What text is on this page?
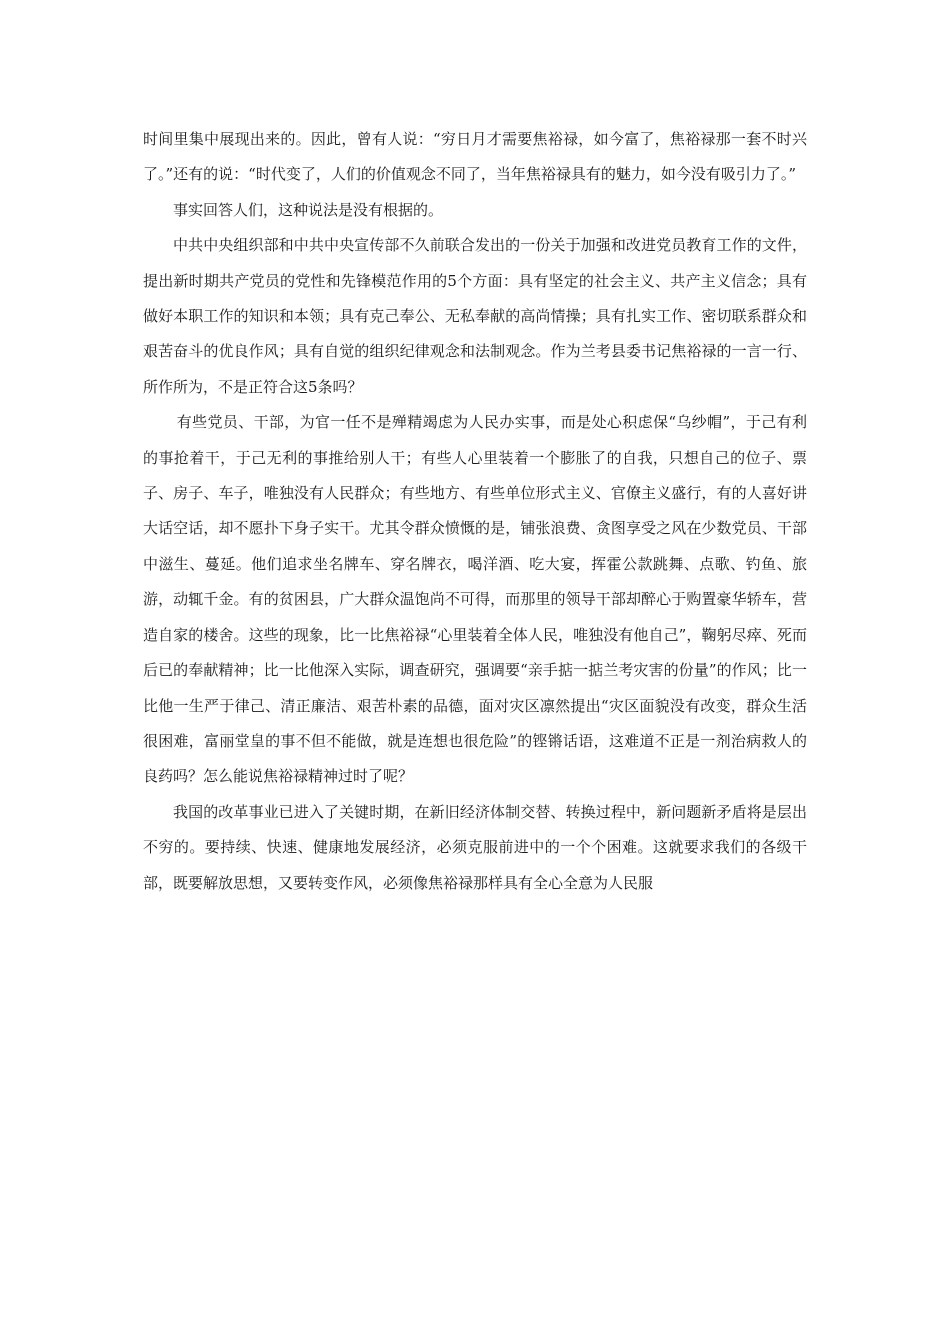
时间里集中展现出来的。因此，曾有人说：“穷日月才需要焦裕禄，如今富了，焦裕禄那一套不时兴了。”还有的说：“时代变了，人们的价值观念不同了，当年焦裕禄具有的魅力，如今没有吸引力了。”

事实回答人们，这种说法是没有根据的。

中共中央组织部和中共中央宣传部不久前联合发出的一份关于加强和改进党员教育工作的文件，提出新时期共产党员的党性和先锋模范作用的5个方面：具有坚定的社会主义、共产主义信念；具有做好本职工作的知识和本领；具有克己奉公、无私奉献的高尚情操；具有扎实工作、密切联系群众和艰苦奋斗的优良作风；具有自觉的组织纪律观念和法制观念。作为兰考县委书记焦裕禄的一言一行、所作所为，不是正符合这5条吗？

有些党员、干部，为官一任不是殚精竭虑为人民办实事，而是处心积虑保“乌纱帽”，于己有利的事抢着干，于己无利的事推给别人干；有些人心里装着一个膨胀了的自我，只想自己的位子、票子、房子、车子，唯独没有人民群众；有些地方、有些单位形式主义、官僚主义盛行，有的人喜好讲大话空话，却不愿扑下身子实干。尤其令群众愤慨的是，铺张浪费、贪图享受之风在少数党员、干部中滋生、蔓延。他们追求坐名牌车、穿名牌衣，喝洋酒、吃大宴，挥霍公款跳舞、点歌、钓鱼、旅游，动辄千金。有的贫困县，广大群众温饱尚不可得，而那里的领导干部却醉心于购置豪华轿车，营造自家的楼舍。这些的现象，比一比焦裕禄“心里装着全体人民，唯独没有他自己”，鞠躬尽瘁、死而后已的奉献精神；比一比他深入实际，调查研究，强调要“亲手掂一掂兰考灾害的份量”的作风；比一比他一生严于律己、清正廉洁、艰苦朴素的品德，面对灾区凛然提出“灾区面貌没有改变，群众生活很困难，富丽堂皇的事不但不能做，就是连想也很危险”的铿锵话语，这难道不正是一剂治病救人的良药吗？怎么能说焦裕禄精神过时了呢？

我国的改革事业已进入了关键时期，在新旧经济体制交替、转换过程中，新问题新矛盾将是层出不穷的。要持续、快速、健康地发展经济，必须克服前进中的一个个困难。这就要求我们的各级干部，既要解放思想，又要转变作风，必须像焦裕禄那样具有全心全意为人民服
